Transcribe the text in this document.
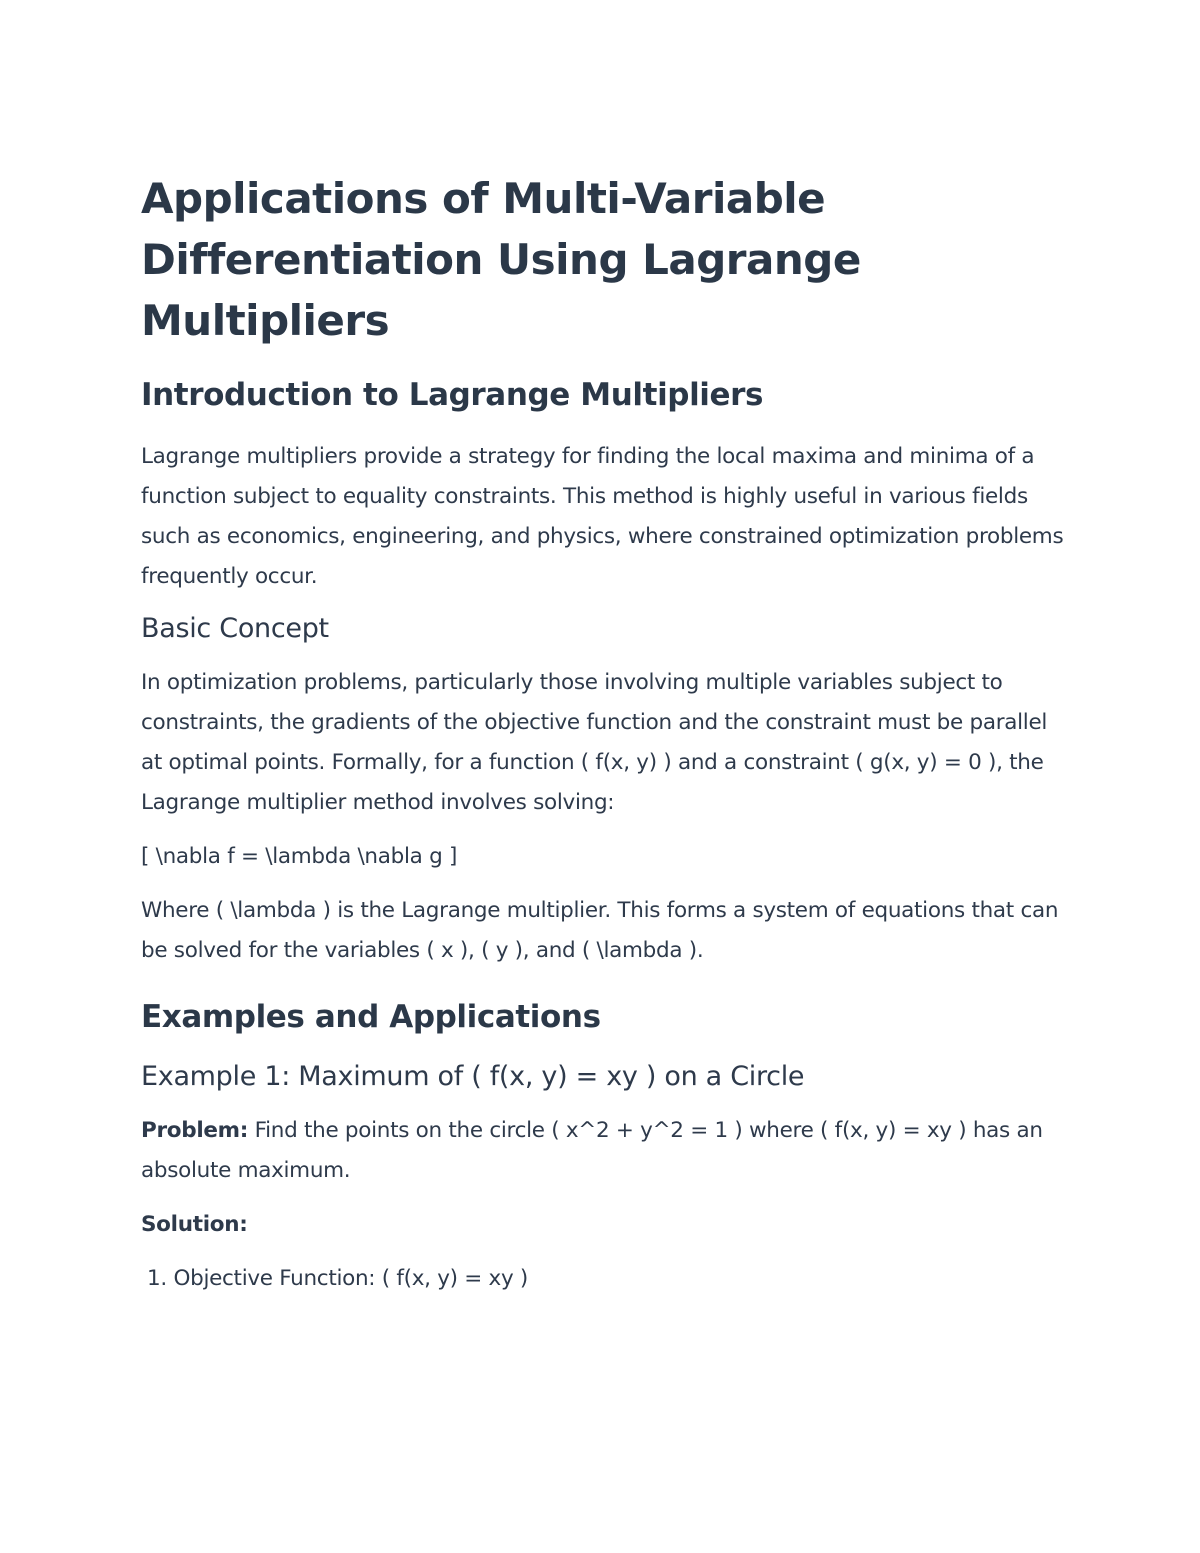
Applications of Multi-Variable Differentiation Using Lagrange Multipliers
Introduction to Lagrange Multipliers

Lagrange multipliers provide a strategy for finding the local maxima and minima of a function subject to equality constraints. This method is highly useful in various fields such as economics, engineering, and physics, where constrained optimization problems frequently occur.

Basic Concept

In optimization problems, particularly those involving multiple variables subject to constraints, the gradients of the objective function and the constraint must be parallel at optimal points. Formally, for a function ( f(x, y) ) and a constraint ( g(x, y) = 0 ), the Lagrange multiplier method involves solving:

[ \nabla f = \lambda \nabla g ]

Where ( \lambda ) is the Lagrange multiplier. This forms a system of equations that can be solved for the variables ( x ), ( y ), and ( \lambda ).

Examples and Applications
Example 1: Maximum of ( f(x, y) = xy ) on a Circle

Problem: Find the points on the circle ( x^2 + y^2 = 1 ) where ( f(x, y) = xy ) has an absolute maximum.

Solution:

1. Objective Function: ( f(x, y) = xy )
